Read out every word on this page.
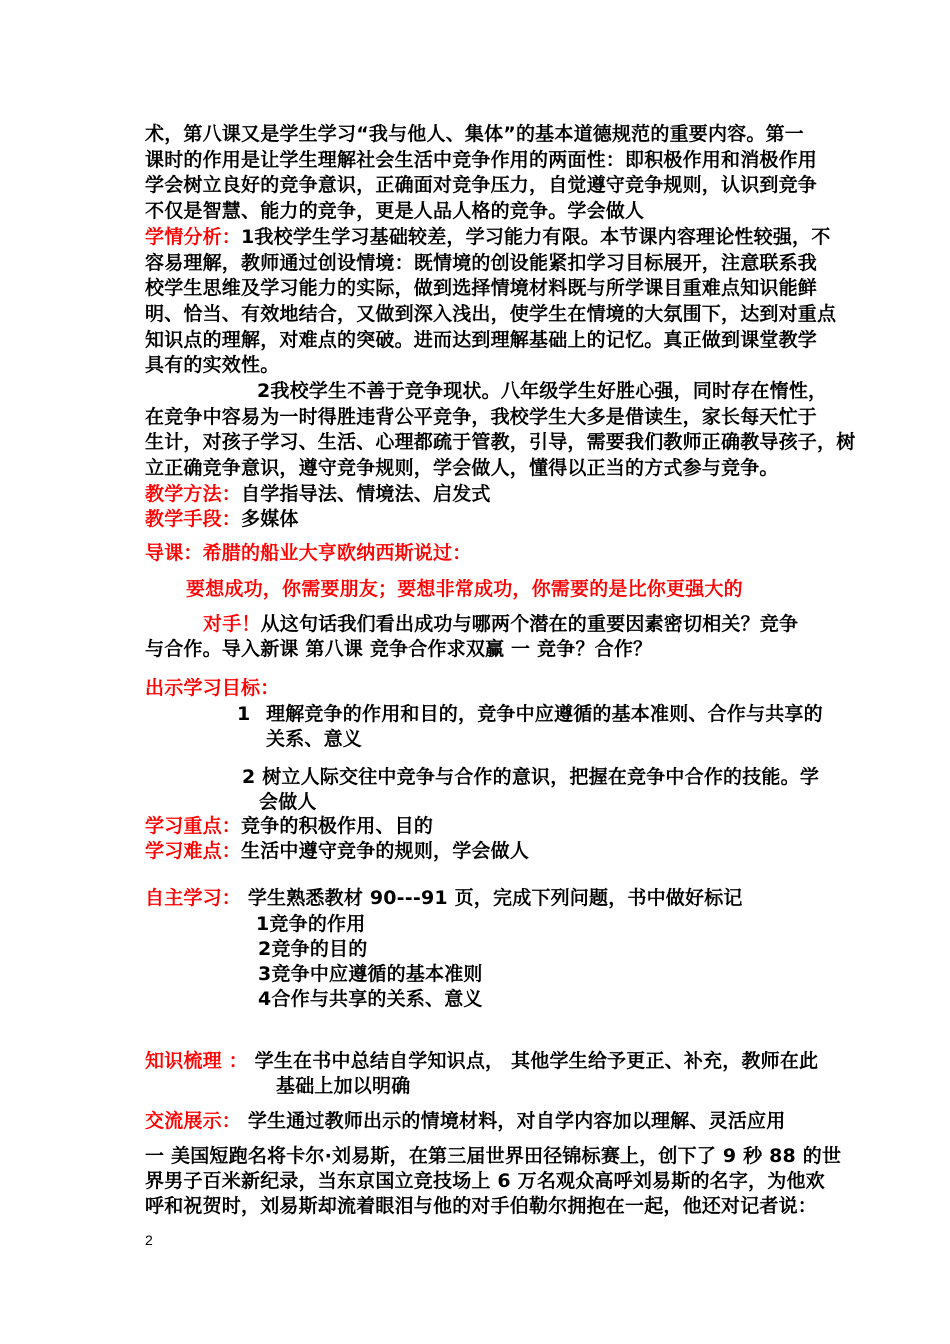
术，第八课又是学生学习“我与他人、集体”的基本道德规范的重要内容。第一
课时的作用是让学生理解社会生活中竞争作用的两面性：即积极作用和消极作用
学会树立良好的竞争意识，正确面对竞争压力，自觉遵守竞争规则，认识到竞争
不仅是智慧、能力的竞争，更是人品人格的竞争。学会做人
学情分析：1我校学生学习基础较差，学习能力有限。本节课内容理论性较强，不
容易理解，教师通过创设情境：既情境的创设能紧扣学习目标展开，注意联系我
校学生思维及学习能力的实际，做到选择情境材料既与所学课目重难点知识能鲜
明、恰当、有效地结合，又做到深入浅出，使学生在情境的大氛围下，达到对重点
知识点的理解，对难点的突破。进而达到理解基础上的记忆。真正做到课堂教学
具有的实效性。
2我校学生不善于竞争现状。八年级学生好胜心强，同时存在惰性，
在竞争中容易为一时得胜违背公平竞争，我校学生大多是借读生，家长每天忙于
生计，对孩子学习、生活、心理都疏于管教，引导，需要我们教师正确教导孩子，树
立正确竞争意识，遵守竞争规则，学会做人，懂得以正当的方式参与竞争。
教学方法：自学指导法、情境法、启发式
教学手段：多媒体
导课：希腊的船业大亨欧纳西斯说过：
要想成功，你需要朋友；要想非常成功，你需要的是比你更强大的
对手！从这句话我们看出成功与哪两个潜在的重要因素密切相关？竞争
与合作。导入新课 第八课 竞争合作求双赢 一 竞争？合作？
出示学习目标：
1 理解竞争的作用和目的，竞争中应遵循的基本准则、合作与共享的
关系、意义
2 树立人际交往中竞争与合作的意识，把握在竞争中合作的技能。学
会做人
学习重点：竞争的积极作用、目的
学习难点：生活中遵守竞争的规则，学会做人
自主学习： 学生熟悉教材 90---91 页，完成下列问题，书中做好标记
1竞争的作用
2竞争的目的
3竞争中应遵循的基本准则
4合作与共享的关系、意义
知识梳理 ： 学生在书中总结自学知识点， 其他学生给予更正、补充，教师在此
基础上加以明确
交流展示： 学生通过教师出示的情境材料，对自学内容加以理解、灵活应用
一 美国短跑名将卡尔·刘易斯，在第三届世界田径锦标赛上，创下了 9 秒 88 的世
界男子百米新纪录，当东京国立竞技场上 6 万名观众高呼刘易斯的名字，为他欢
呼和祝贺时，刘易斯却流着眼泪与他的对手伯勒尔拥抱在一起，他还对记者说：
2
